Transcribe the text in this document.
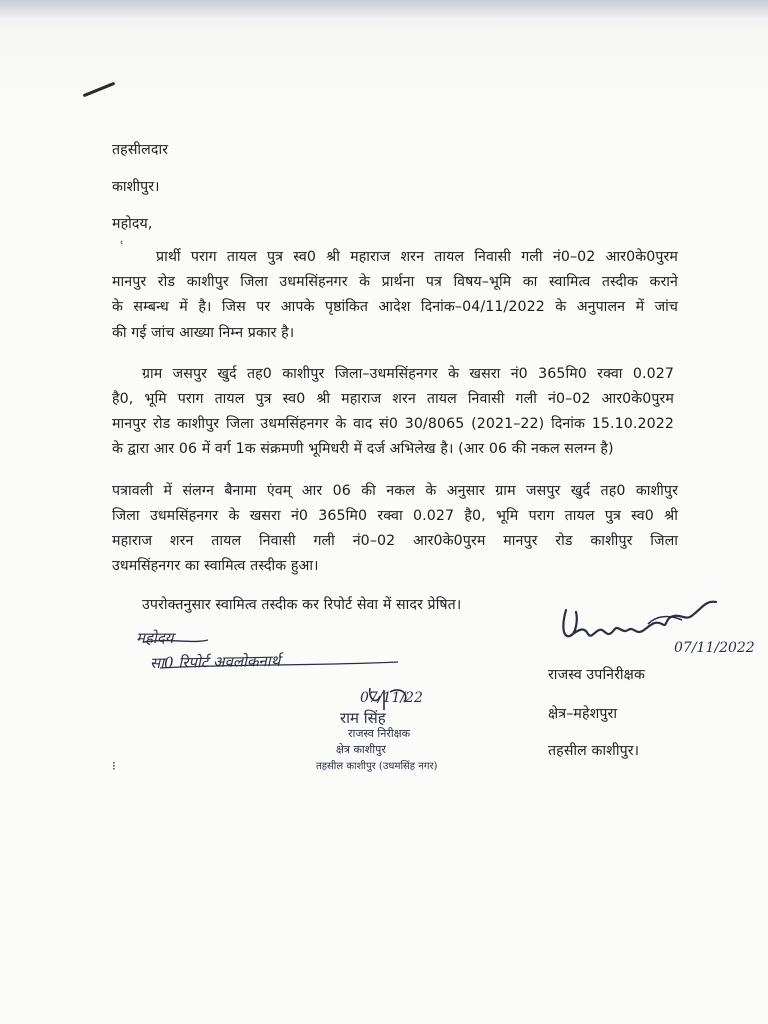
तहसीलदार
काशीपुर।
महोदय,
प्रार्थी पराग तायल पुत्र स्व0 श्री महाराज शरन तायल निवासी गली नं0–02 आर0के0पुरम
मानपुर रोड काशीपुर जिला उधमसिंहनगर के प्रार्थना पत्र विषय–भूमि का स्वामित्व तस्दीक कराने
के सम्बन्ध में है। जिस पर आपके पृष्ठांकित आदेश दिनांक–04/11/2022 के अनुपालन में जांच
की गई जांच आख्या निम्न प्रकार है।
ग्राम जसपुर खुर्द तह0 काशीपुर जिला–उधमसिंहनगर के खसरा नं0 365मि0 रक्वा 0.027
है0, भूमि पराग तायल पुत्र स्व0 श्री महाराज शरन तायल निवासी गली नं0–02 आर0के0पुरम
मानपुर रोड काशीपुर जिला उधमसिंहनगर के वाद सं0 30/8065 (2021–22) दिनांक 15.10.2022
के द्वारा आर 06 में वर्ग 1क संक्रमणी भूमिधरी में दर्ज अभिलेख है। (आर 06 की नकल सलग्न है)
पत्रावली में संलग्न बैनामा एंवम् आर 06 की नकल के अनुसार ग्राम जसपुर खुर्द तह0 काशीपुर
जिला उधमसिंहनगर के खसरा नं0 365मि0 रक्वा 0.027 है0, भूमि पराग तायल पुत्र स्व0 श्री
महाराज शरन तायल निवासी गली नं0–02 आर0के0पुरम मानपुर रोड काशीपुर जिला
उधमसिंहनगर का स्वामित्व तस्दीक हुआ।
उपरोक्तनुसार स्वामित्व तस्दीक कर रिपोर्ट सेवा में सादर प्रेषित।
07/11/2022
राजस्व उपनिरीक्षक
क्षेत्र–महेशपुरा
तहसील काशीपुर।
महोदय
सा0 रिपोर्ट अवलोकनार्थ
07/11/22
राम सिंह
राजस्व निरीक्षक
क्षेत्र काशीपुर
तहसील काशीपुर (उधमसिंह नगर)
ʿ
⁝
